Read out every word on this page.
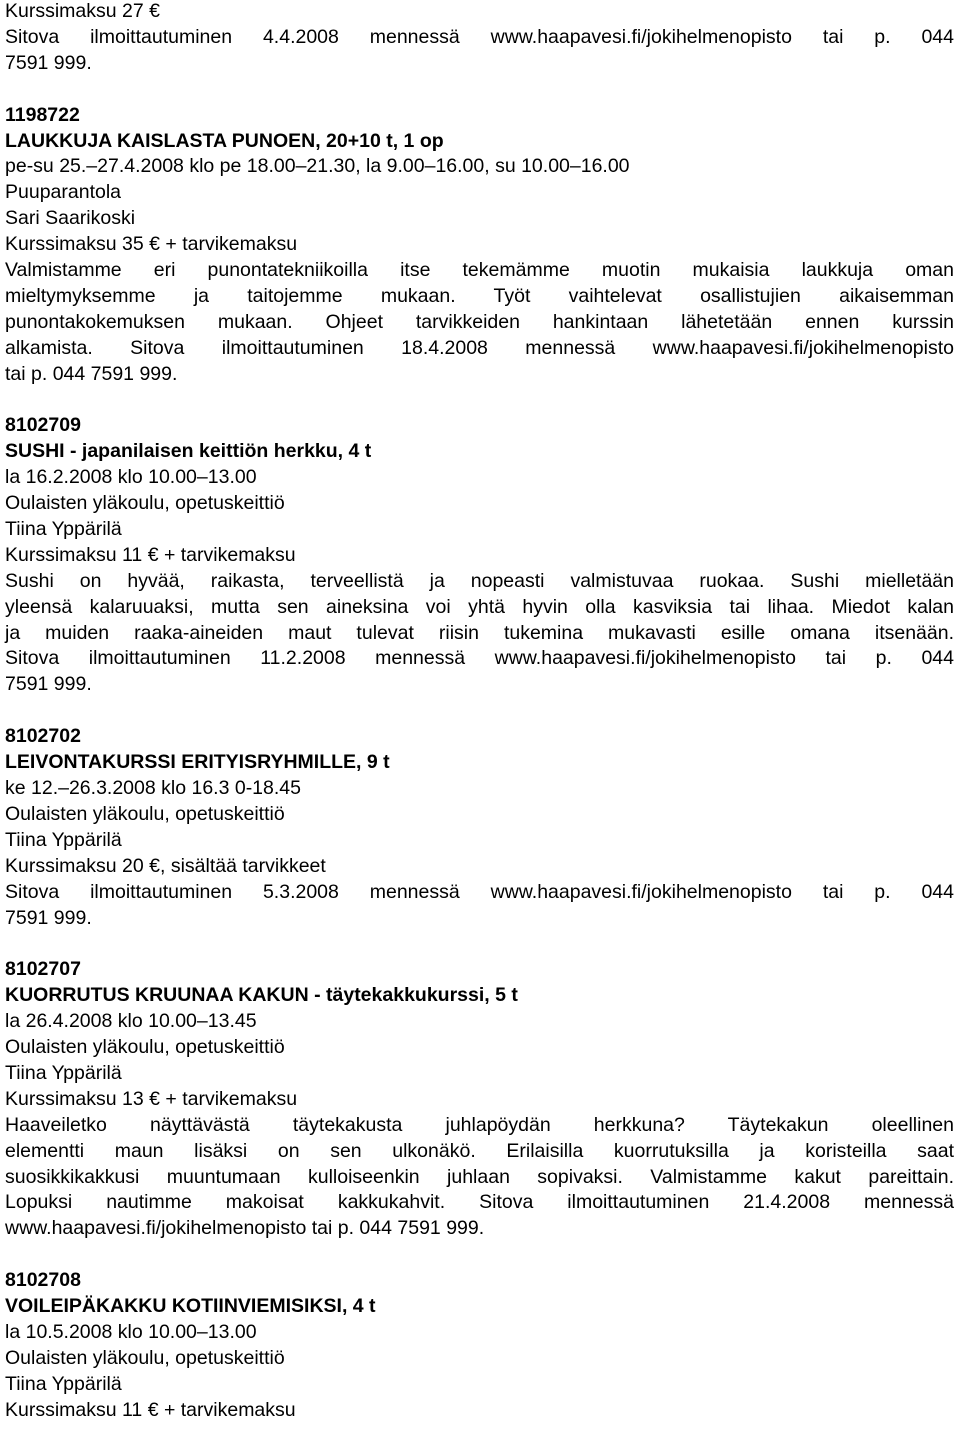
Kurssimaksu 27 €
Sitova ilmoittautuminen 4.4.2008 mennessä www.haapavesi.fi/jokihelmenopisto tai p. 044
7591 999.
1198722
LAUKKUJA KAISLASTA PUNOEN, 20+10 t, 1 op
pe-su 25.–27.4.2008 klo pe 18.00–21.30, la 9.00–16.00, su 10.00–16.00
Puuparantola
Sari Saarikoski
Kurssimaksu 35 € + tarvikemaksu
Valmistamme eri punontatekniikoilla itse tekemämme muotin mukaisia laukkuja oman
mieltymyksemme ja taitojemme mukaan. Työt vaihtelevat osallistujien aikaisemman
punontakokemuksen mukaan. Ohjeet tarvikkeiden hankintaan lähetetään ennen kurssin
alkamista. Sitova ilmoittautuminen 18.4.2008 mennessä www.haapavesi.fi/jokihelmenopisto
tai p. 044 7591 999.
8102709
SUSHI - japanilaisen keittiön herkku, 4 t
la 16.2.2008 klo 10.00–13.00
Oulaisten yläkoulu, opetuskeittiö
Tiina Yppärilä
Kurssimaksu 11 € + tarvikemaksu
Sushi on hyvää, raikasta, terveellistä ja nopeasti valmistuvaa ruokaa. Sushi mielletään
yleensä kalaruuaksi, mutta sen aineksina voi yhtä hyvin olla kasviksia tai lihaa. Miedot kalan
ja muiden raaka-aineiden maut tulevat riisin tukemina mukavasti esille omana itsenään.
Sitova ilmoittautuminen 11.2.2008 mennessä www.haapavesi.fi/jokihelmenopisto tai p. 044
7591 999.
8102702
LEIVONTAKURSSI ERITYISRYHMILLE, 9 t
ke 12.–26.3.2008 klo 16.3 0-18.45
Oulaisten yläkoulu, opetuskeittiö
Tiina Yppärilä
Kurssimaksu 20 €, sisältää tarvikkeet
Sitova ilmoittautuminen 5.3.2008 mennessä www.haapavesi.fi/jokihelmenopisto tai p. 044
7591 999.
8102707
KUORRUTUS KRUUNAA KAKUN - täytekakkukurssi, 5 t
la 26.4.2008 klo 10.00–13.45
Oulaisten yläkoulu, opetuskeittiö
Tiina Yppärilä
Kurssimaksu 13 € + tarvikemaksu
Haaveiletko näyttävästä täytekakusta juhlapöydän herkkuna? Täytekakun oleellinen
elementti maun lisäksi on sen ulkonäkö. Erilaisilla kuorrutuksilla ja koristeilla saat
suosikkikakkusi muuntumaan kulloiseenkin juhlaan sopivaksi. Valmistamme kakut pareittain.
Lopuksi nautimme makoisat kakkukahvit. Sitova ilmoittautuminen 21.4.2008 mennessä
www.haapavesi.fi/jokihelmenopisto tai p. 044 7591 999.
8102708
VOILEIPÄKAKKU KOTIINVIEMISIKSI, 4 t
la 10.5.2008 klo 10.00–13.00
Oulaisten yläkoulu, opetuskeittiö
Tiina Yppärilä
Kurssimaksu 11 € + tarvikemaksu
